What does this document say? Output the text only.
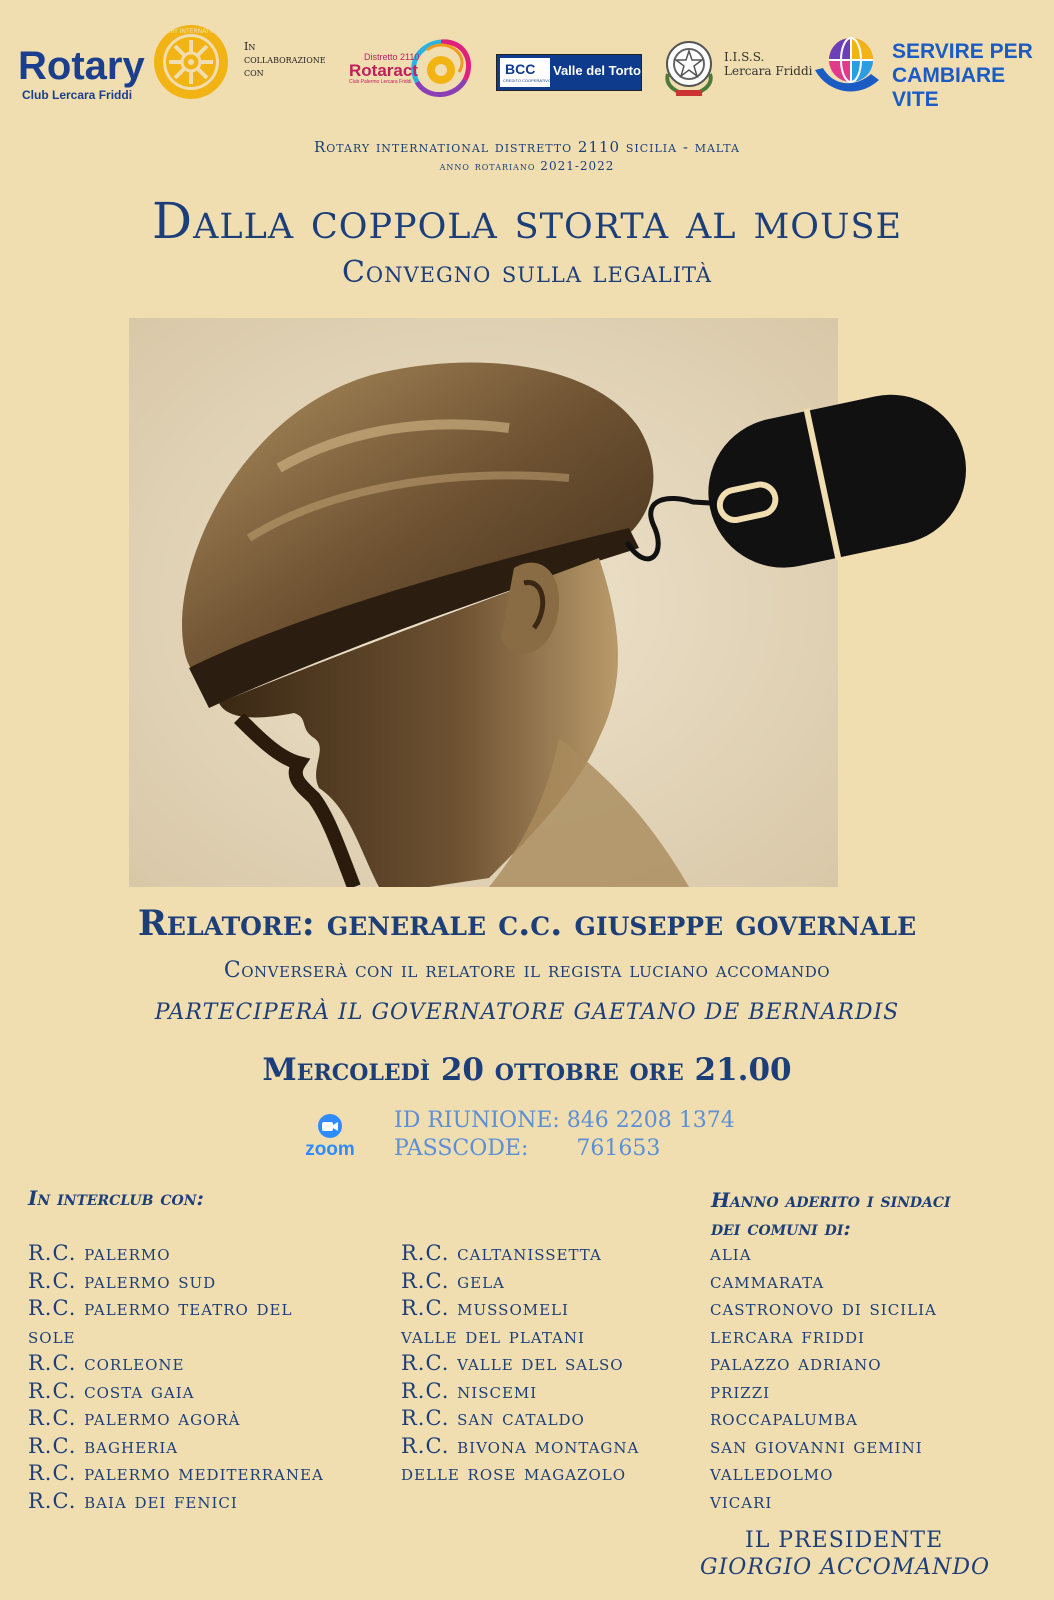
Rotary
Club Lercara Friddi
ROTARY INTERNATIONAL
In
collaborazione
con
Distretto 2110
Rotaract
Club Palermo Lercara Friddi
BCC
CREDITO COOPERATIVO
Valle del Torto
I.I.S.S.
Lercara Friddi
SERVIRE PER
CAMBIARE VITE
Rotary international distretto 2110 sicilia - malta
anno rotariano 2021-2022
Dalla coppola storta al mouse
Convegno sulla legalità
Relatore: generale c.c. giuseppe governale
Converserà con il relatore il regista luciano accomando
PARTECIPERÀ IL GOVERNATORE GAETANO DE BERNARDIS
Mercoledì 20 ottobre ore 21.00
zoom
ID RIUNIONE: 846 2208 1374
PASSCODE: 761653
In interclub con:
R.C. palermo
R.C. palermo sud
R.C. palermo teatro del
sole
R.C. corleone
R.C. costa gaia
R.C. palermo agorà
R.C. bagheria
R.C. palermo mediterranea
R.C. baia dei fenici
R.C. caltanissetta
R.C. gela
R.C. mussomeli
valle del platani
R.C. valle del salso
R.C. niscemi
R.C. san cataldo
R.C. bivona montagna
delle rose magazolo
Hanno aderito i sindaci
dei comuni di:
alia
cammarata
castronovo di sicilia
lercara friddi
palazzo adriano
prizzi
roccapalumba
san giovanni gemini
valledolmo
vicari
IL PRESIDENTE
GIORGIO ACCOMANDO
